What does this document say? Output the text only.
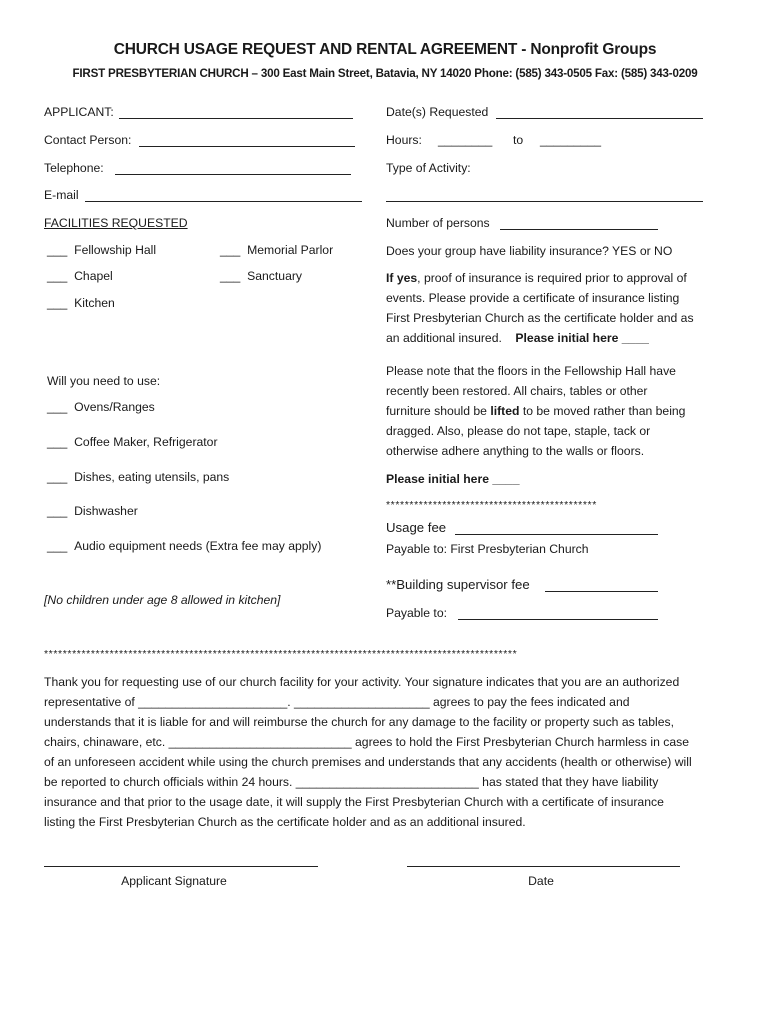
CHURCH USAGE REQUEST AND RENTAL AGREEMENT - Nonprofit Groups
FIRST PRESBYTERIAN CHURCH – 300 East Main Street, Batavia, NY 14020 Phone: (585) 343-0505 Fax: (585) 343-0209
APPLICANT:
Contact Person:
Telephone:
E-mail
FACILITIES REQUESTED
___ Fellowship Hall	___ Memorial Parlor
___ Chapel	___ Sanctuary
___ Kitchen
Will you need to use:
___ Ovens/Ranges
___ Coffee Maker, Refrigerator
___ Dishes, eating utensils, pans
___ Dishwasher
___ Audio equipment needs (Extra fee may apply)
[No children under age 8 allowed in kitchen]
Date(s) Requested
Hours: ________ to _________
Type of Activity:
Number of persons
Does your group have liability insurance? YES or NO
If yes, proof of insurance is required prior to approval of
events. Please provide a certificate of insurance listing
First Presbyterian Church as the certificate holder and as
an additional insured. Please initial here ____
Please note that the floors in the Fellowship Hall have
recently been restored. All chairs, tables or other
furniture should be lifted to be moved rather than being
dragged. Also, please do not tape, staple, tack or
otherwise adhere anything to the walls or floors.
Please initial here ____
*********************************************
Usage fee
Payable to: First Presbyterian Church
**Building supervisor fee
Payable to:
*****************************************************************************************************
Thank you for requesting use of our church facility for your activity. Your signature indicates that you are an authorized
representative of ______________________. ____________________ agrees to pay the fees indicated and
understands that it is liable for and will reimburse the church for any damage to the facility or property such as tables,
chairs, chinaware, etc. ___________________________ agrees to hold the First Presbyterian Church harmless in case
of an unforeseen accident while using the church premises and understands that any accidents (health or otherwise) will
be reported to church officials within 24 hours. ___________________________ has stated that they have liability
insurance and that prior to the usage date, it will supply the First Presbyterian Church with a certificate of insurance
listing the First Presbyterian Church as the certificate holder and as an additional insured.
Applicant Signature	Date
